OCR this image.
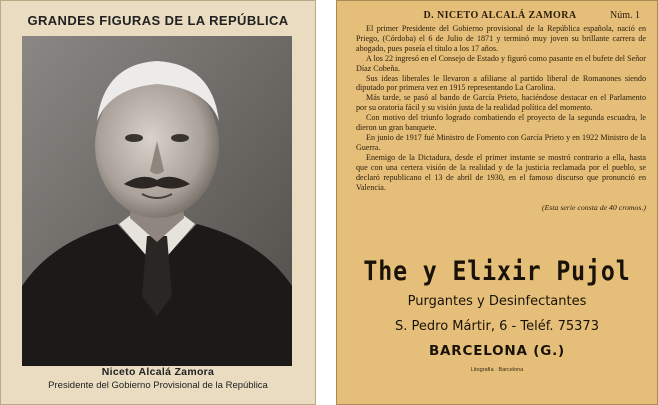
GRANDES FIGURAS DE LA REPÚBLICA
Niceto Alcalá Zamora
Presidente del Gobierno Provisional de la República
D. NICETO ALCALÁ ZAMORA	Núm. 1

El primer Presidente del Gobierno provisional de la República española, nació en Priego, (Córdoba) el 6 de Julio de 1871 y terminó muy joven su brillante carrera de abogado, pues poseía el título a los 17 años.

A los 22 ingresó en el Consejo de Estado y figuró como pasante en el bufete del Señor Díaz Cobeña.

Sus ideas liberales le llevaron a afiliarse al partido liberal de Romanones siendo diputado por primera vez en 1915 representando La Carolina.

Más tarde, se pasó al bando de García Prieto, haciéndose destacar en el Parlamento por su oratoria fácil y su visión justa de la realidad política del momento.

Con motivo del triunfo logrado combatiendo el proyecto de la segunda escuadra, le dieron un gran banquete.

En junio de 1917 fué Ministro de Fomento con García Prieto y en 1922 Ministro de la Guerra.

Enemigo de la Dictadura, desde el primer instante se mostró contrario a ella, hasta que con una certera visión de la realidad y de la justicia reclamada por el pueblo, se declaró republicano el 13 de abril de 1930, en el famoso discurso que pronunció en Valencia.

(Esta serie consta de 40 cromos.)
The y Elixir Pujol
Purgantes y Desinfectantes
S. Pedro Mártir, 6 - Teléf. 75373
BARCELONA (G.)
Litografía · Barcelona
